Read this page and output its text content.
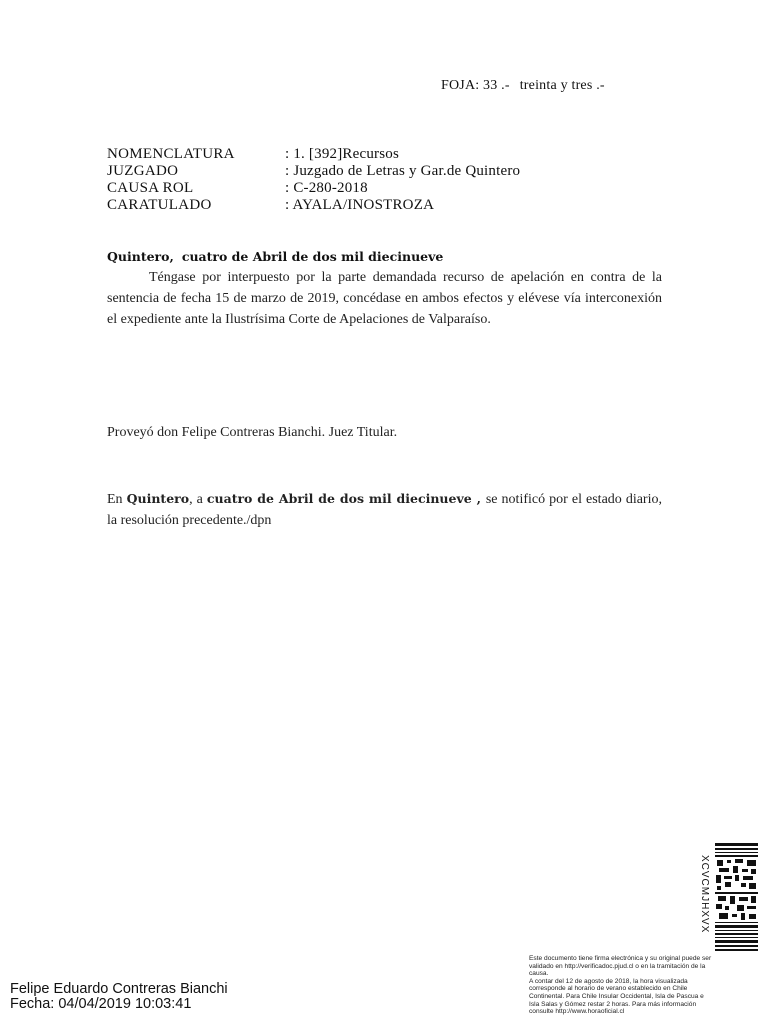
FOJA: 33 .- treinta y tres .-
NOMENCLATURA	: 1. [392]Recursos
JUZGADO	: Juzgado de Letras y Gar.de Quintero
CAUSA ROL	: C-280-2018
CARATULADO	: AYALA/INOSTROZA
Quintero, cuatro de Abril de dos mil diecinueve
Téngase por interpuesto por la parte demandada recurso de apelación en contra de la sentencia de fecha 15 de marzo de 2019, concédase en ambos efectos y elévese vía interconexión el expediente ante la Ilustrísima Corte de Apelaciones de Valparaíso.
Proveyó don Felipe Contreras Bianchi. Juez Titular.
En Quintero, a cuatro de Abril de dos mil diecinueve , se notificó por el estado diario, la resolución precedente./dpn
XCVCMJHXVX
Este documento tiene firma electrónica y su original puede ser
validado en http://verificadoc.pjud.cl o en la tramitación de la
causa.
A contar del 12 de agosto de 2018, la hora visualizada
corresponde al horario de verano establecido en Chile
Continental. Para Chile Insular Occidental, Isla de Pascua e
Isla Salas y Gómez restar 2 horas. Para más información
consulte http://www.horaoficial.cl
Felipe Eduardo Contreras Bianchi
Fecha: 04/04/2019 10:03:41
